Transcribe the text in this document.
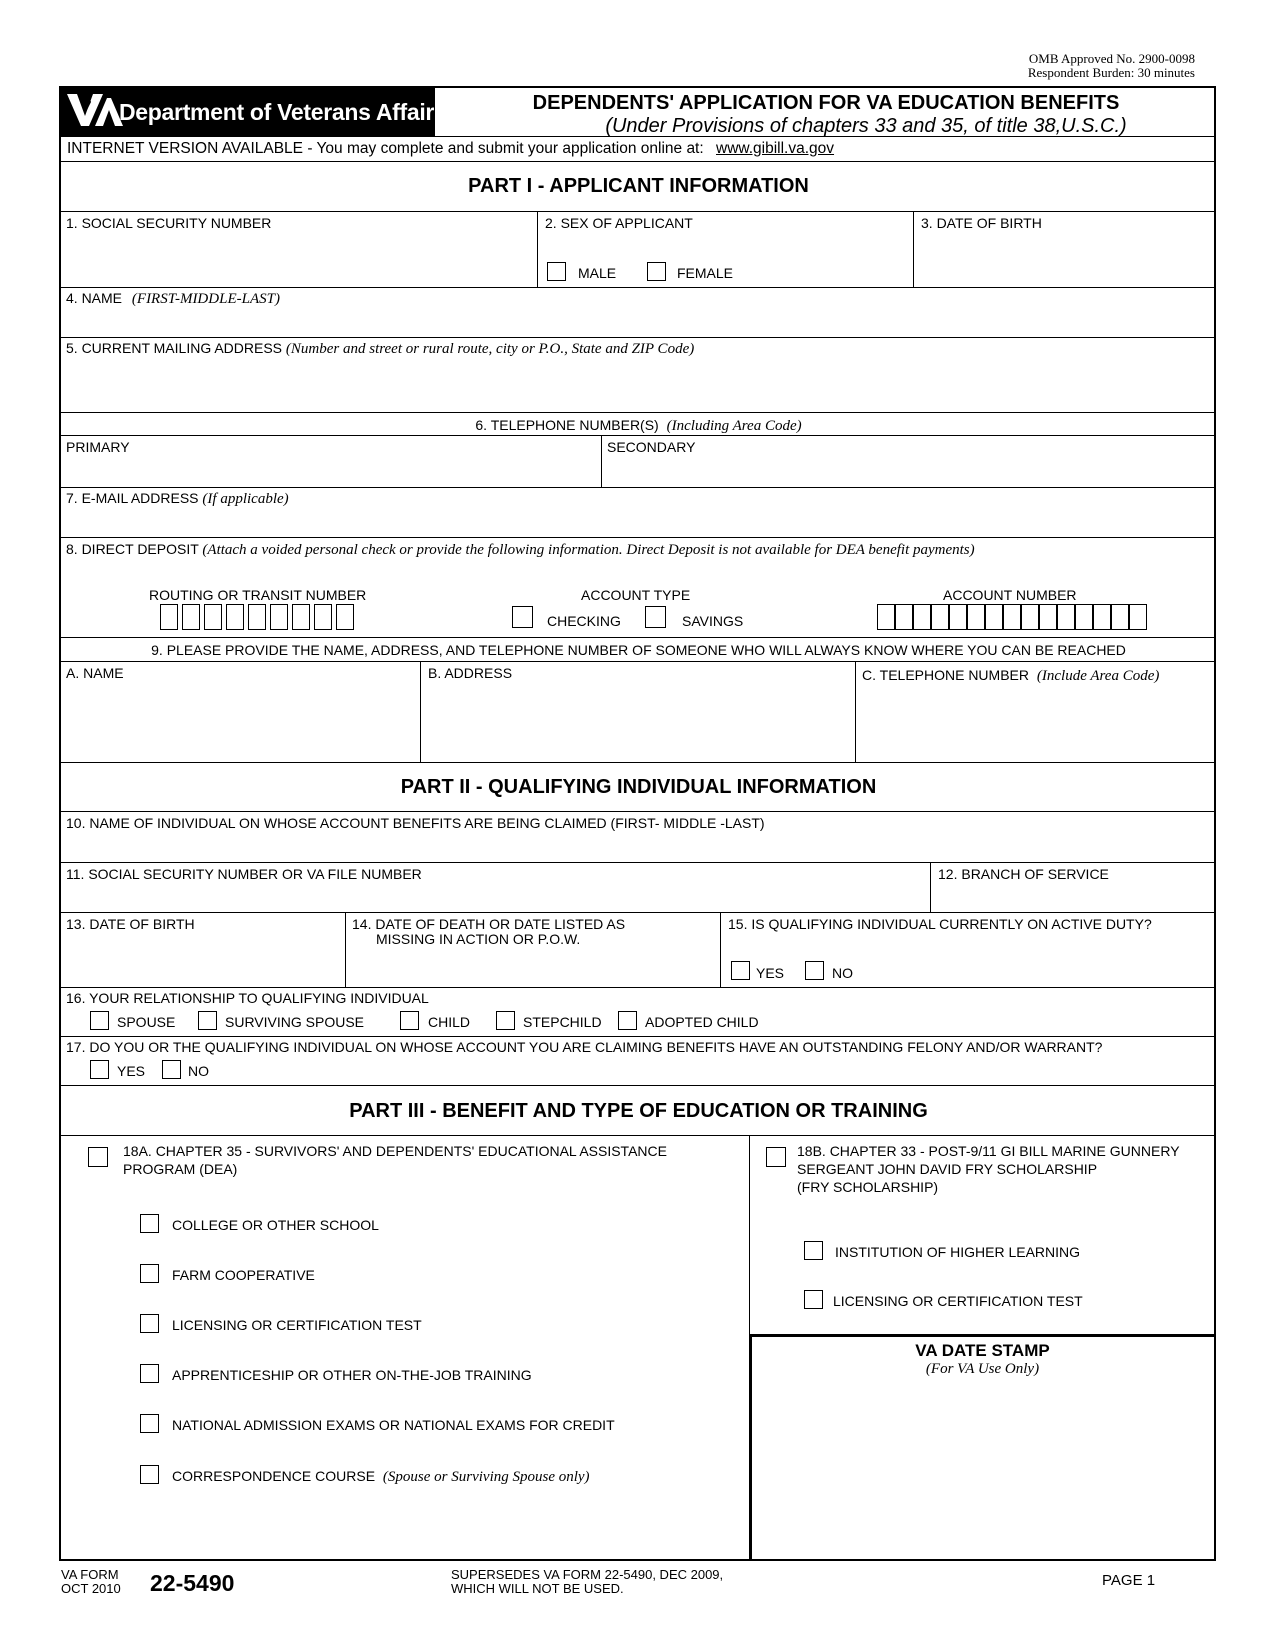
OMB Approved No. 2900-0098
Respondent Burden: 30 minutes
Department of Veterans Affairs	DEPENDENTS' APPLICATION FOR VA EDUCATION BENEFITS
(Under Provisions of chapters 33 and 35, of title 38,U.S.C.)
INTERNET VERSION AVAILABLE - You may complete and submit your application online at: www.gibill.va.gov
PART I - APPLICANT INFORMATION
1. SOCIAL SECURITY NUMBER	2. SEX OF APPLICANT
MALE	FEMALE
3. DATE OF BIRTH
4. NAME (FIRST-MIDDLE-LAST)
5. CURRENT MAILING ADDRESS (Number and street or rural route, city or P.O., State and ZIP Code)
6. TELEPHONE NUMBER(S) (Including Area Code)
PRIMARY	SECONDARY
7. E-MAIL ADDRESS (If applicable)
8. DIRECT DEPOSIT (Attach a voided personal check or provide the following information. Direct Deposit is not available for DEA benefit payments)
ROUTING OR TRANSIT NUMBER	ACCOUNT TYPE
CHECKING	SAVINGS
ACCOUNT NUMBER
9. PLEASE PROVIDE THE NAME, ADDRESS, AND TELEPHONE NUMBER OF SOMEONE WHO WILL ALWAYS KNOW WHERE YOU CAN BE REACHED
A. NAME	B. ADDRESS	C. TELEPHONE NUMBER (Include Area Code)
PART II - QUALIFYING INDIVIDUAL INFORMATION
10. NAME OF INDIVIDUAL ON WHOSE ACCOUNT BENEFITS ARE BEING CLAIMED (FIRST- MIDDLE -LAST)
11. SOCIAL SECURITY NUMBER OR VA FILE NUMBER	12. BRANCH OF SERVICE
13. DATE OF BIRTH	14. DATE OF DEATH OR DATE LISTED AS
MISSING IN ACTION OR P.O.W.
15. IS QUALIFYING INDIVIDUAL CURRENTLY ON ACTIVE DUTY?
YES	NO
16. YOUR RELATIONSHIP TO QUALIFYING INDIVIDUAL
SPOUSE	SURVIVING SPOUSE	CHILD	STEPCHILD	ADOPTED CHILD
17. DO YOU OR THE QUALIFYING INDIVIDUAL ON WHOSE ACCOUNT YOU ARE CLAIMING BENEFITS HAVE AN OUTSTANDING FELONY AND/OR WARRANT?
YES	NO
PART III - BENEFIT AND TYPE OF EDUCATION OR TRAINING
18A. CHAPTER 35 - SURVIVORS' AND DEPENDENTS' EDUCATIONAL ASSISTANCE
PROGRAM (DEA)
COLLEGE OR OTHER SCHOOL
FARM COOPERATIVE
LICENSING OR CERTIFICATION TEST
APPRENTICESHIP OR OTHER ON-THE-JOB TRAINING
NATIONAL ADMISSION EXAMS OR NATIONAL EXAMS FOR CREDIT
CORRESPONDENCE COURSE (Spouse or Surviving Spouse only)
18B. CHAPTER 33 - POST-9/11 GI BILL MARINE GUNNERY
SERGEANT JOHN DAVID FRY SCHOLARSHIP
(FRY SCHOLARSHIP)
INSTITUTION OF HIGHER LEARNING
LICENSING OR CERTIFICATION TEST
VA DATE STAMP
(For VA Use Only)
VA FORM
OCT 2010 22-5490	SUPERSEDES VA FORM 22-5490, DEC 2009,
WHICH WILL NOT BE USED.	PAGE 1
